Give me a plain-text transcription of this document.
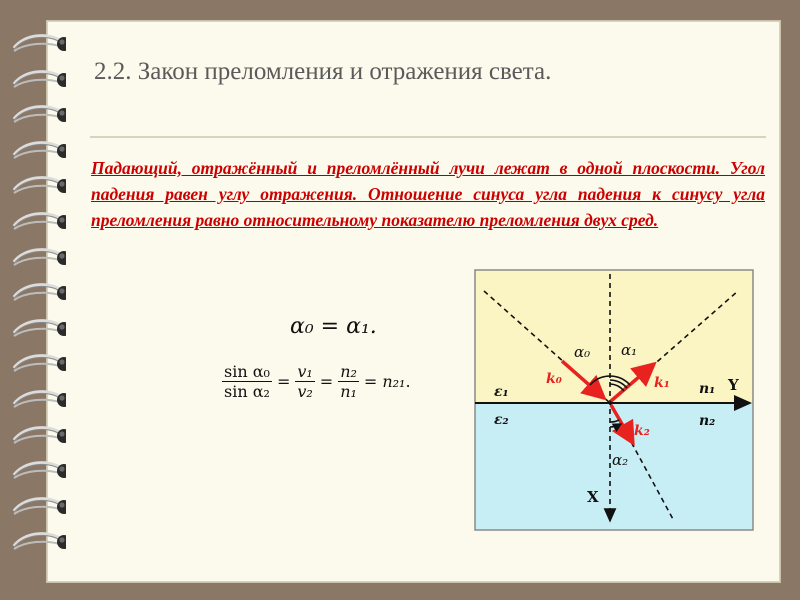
2.2. Закон преломления и отражения света.
Падающий, отражённый и преломлённый лучи лежат в одной плоскости. Угол падения равен углу отражения. Отношение синуса угла падения к синусу угла преломления равно относительному показателю преломления двух сред.
α₀ = α₁.
sin α₀
sin α₂
=
v₁
v₂
=
n₂
n₁
= n₂₁ .
α₀ α₁
α₂
k₀	k₁
k₂
ε₁
ε₂
n₁
n₂
Y
X
